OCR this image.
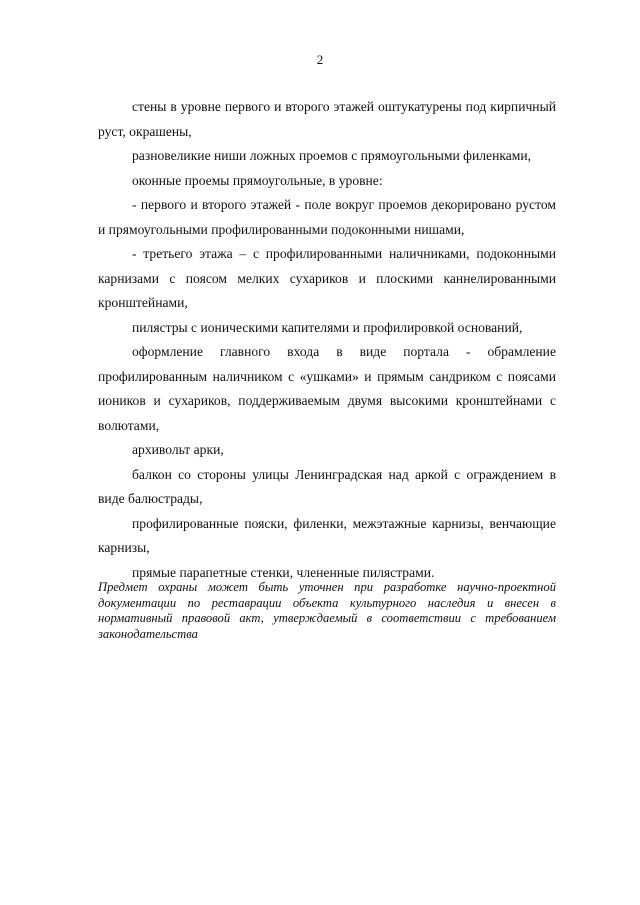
2

стены в уровне первого и второго этажей оштукатурены под кирпичный руст, окрашены,

разновеликие ниши ложных проемов с прямоугольными филенками,

оконные проемы прямоугольные, в уровне:

- первого и второго этажей - поле вокруг проемов декорировано рустом и прямоугольными профилированными подоконными нишами,

- третьего этажа – с профилированными наличниками, подоконными карнизами с поясом мелких сухариков и плоскими каннелированными кронштейнами,

пилястры с ионическими капителями и профилировкой оснований,

оформление главного входа в виде портала - обрамление профилированным наличником с «ушками» и прямым сандриком с поясами иоников и сухариков, поддерживаемым двумя высокими кронштейнами с волютами,

архивольт арки,

балкон со стороны улицы Ленинградская над аркой с ограждением в виде балюстрады,

профилированные пояски, филенки, межэтажные карнизы, венчающие карнизы,

прямые парапетные стенки, члененные пилястрами.

Предмет охраны может быть уточнен при разработке научно-проектной документации по реставрации объекта культурного наследия и внесен в нормативный правовой акт, утверждаемый в соответствии с требованием законодательства
